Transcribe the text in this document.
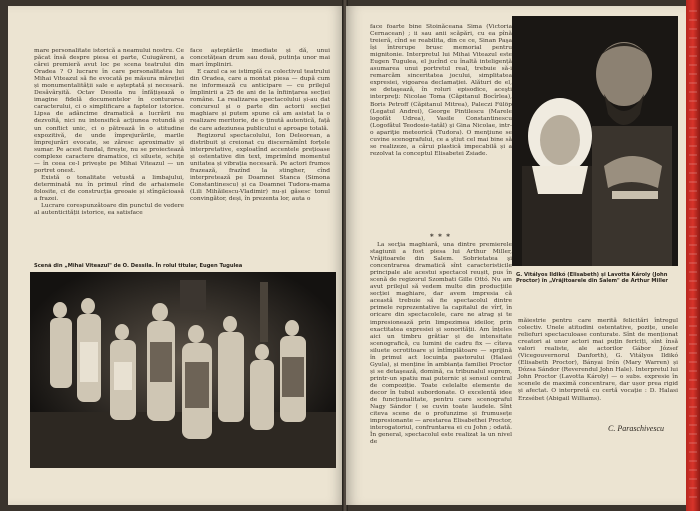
mare personalitate istorică a neamului nostru. Ce păcat însă despre piesa ei parte, Cuiugăreni, a cărei premieră avut loc pe scena teatrului din Oradea ? O lucrare în care personalitatea lui Mihai Viteazul să fie evocată pe măsura măreției și monumentalității sale e așteptată și necesară. Desăvârșită. Octav Dessila nu înfățișează o imagine fidelă documentelor în conturarea caracterului, ci o simplificare a faptelor istorice. Lipsa de adâncime dramatică a lucrării nu dezvoltă, nici nu intensifică acțiunea rotundă și un conflict unic, ci o pătrează în o atitudine expozitivă, de unde împrejurările, marile împrejurări evocate, se zăresc aproximativ și sumar. Pe acest fundal, firește, nu se proiectează complexe caractere dramatice, ci siluete, schițe — în ceea ce-l privește pe Mihai Viteazul — un portret onest.

Există o tonalitate vetustă a limbajului, determinată nu în primul rînd de arhaismele folosite, ci de construcția greoaie și stîngăcioasă a frazei.

Lucrare corespunzătoare din punctul de vedere al autenticității istorice, ea satisface

face așteptările imediate și dă, unui concetățean drum sau două, putința unor mai mari împliniri.

E cazul ca se istimplă ca colectivul teatrului din Oradea, care a montat piesa — după cum ne informează cu anticipare — cu prilejul împlinirii a 25 de ani de la înființarea secției române. La realizarea spectacolului și-au dat concursul și o parte din actorii secției maghiare și putem spune că am asistat la o realizare meritorie, de o ținută autentică, față de care adeziunea publicului e aproape totală.

Regizorul spectacolului, Ion Deleorean, a distribuit și creionat cu discernămînt forțele interpretative, exploatînd accentele prețioase și ostentative din text, imprimînd momentul unitatea și vibrația necesară. Pe actori frumos frazează, frazînd la stingher, cînd interpretează pe Doamnei Stanca (Simona Constantinescu) și ca Doamnei Tudora-mama (Lili Mihăilescu-Vladimir) nu-și găsesc tonul convingător, deși, în prezenta lor, auta o

Scenă din „Mihai Viteazul" de O. Dessila. În rolul titular, Eugen Tugulea

face foarte bine Stoinăceana Sima (Victoria Cernacean) ; ii sau anii scăpări, cu ea pînă treieră, cînd se reabilita, din ce ce, Sinan Paşa își întrerupe brusc memorial pentru mignitonie. Interpretul lui Mihai Viteazul este Eugen Tugulea, el jucînd cu înaltă inteligență asumarea unui portretul real, trebuie să-i remarcăm sinceritatea jocului, simplitatea expresiei, vigoarea declamației. Alături de el, se detaşează, în roluri episodice, aceşti interpreţi: Nicolae Toma (Căpitanul Bocîrlea), Boris Petroff (Căpitanul Mitrea), Paleczi Fülöp (Legatul Andrei), George Pintilescu (Marele logofăt Udrea), Vasile Constantinescu (Logofătul Teodosie-tatăl) şi Gina Nicolae, intr-o apariţie meteorică (Tudora). O menţiune se cuvine scenografului, ce a ştiut cel mai bine să se realizeze, a cărui plastică impecabilă și a rezolvat la conceptul Elisabetei Zsiade.

* * *

La secţia maghiară, una dintre premierele stagiunii a fost piesa lui Arthur Miller, Vrăjitoarele din Salem. Sobrietatea şi concentrarea dramatică sînt caracteristicile principale ale acestui spectacol reușit, pus în scenă de regizorul Szombati Gille Ottó. Nu am avut prilejul să vedem multe din producțiile secției maghiare, dar avem impresia că această trebuie să fie spectacolul dintre primele reprezentative la capitalul de vîrf, în oricare din spectacolele, care ne atrag și te impresionează prin limpezimea ideilor, prin exactitatea expresiei și sonorității. Am înțeles aici un timbru grătiar și de intensitate scenografică, cu lumini de cadru fix — cîteva siluete ocrotitoare și întîmplătoare — sprijină în primul act locuința pastorului (Halasi Gyula), și menține în ambianța familiei Proctor și se detaşează, domină, ca tribunalul suprem, printr-un spatiu mai puternic și sensul central de compoziție. Toate celelalte elemente de decor în tubul subordonate. O excelentă idee de funcționalitate, pentru care scenograful Nagy Sándor ( se cuvin toate laudele. Sînt citeva scene de o profunzime și frumusețe impresionante — arestarea Elisabethei Proctor, interogatoriul, confruntarea ei cu John ; odată. În general, spectacolul este realizat la un nivel de

G. Vitályos Ildikó (Elisabeth) și Lavotta Károly (John Proctor) în „Vrăjitoarele din Salem" de Arthur Miller

măiestrie pentru care merită felicitări întregul colectiv. Unele atitudini ostentative, pozițe, unele reliefuri spectaculoase conturate. Sînt de menționat creatori ai unor actori mai puțin fericiți, sînt însă valori realiste, ale actorilor Gábor József (Vicegouvernorul Danforth), G. Vitályos Ildikó (Elisabeth Proctor), Bányai Irén (Mary Warren) și Dózsa Sándor (Reverendul John Hale). Interpretul lui John Proctor (Lavotta Károly) — o subs. expresie în scenele de maximă concentrare, dar ușor prea rigid și afectat. O interpretă cu certă vocație : D. Halasi Erzsébet (Abigail Williams).

C. Paraschivescu
